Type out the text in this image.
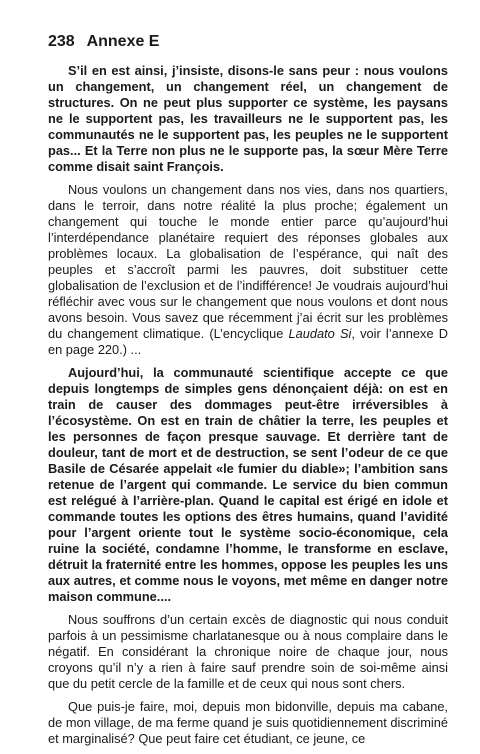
238 Annexe E

S’il en est ainsi, j’insiste, disons-le sans peur : nous voulons un changement, un changement réel, un changement de structures. On ne peut plus supporter ce système, les paysans ne le supportent pas, les travailleurs ne le supportent pas, les communautés ne le supportent pas, les peuples ne le supportent pas... Et la Terre non plus ne le supporte pas, la sœur Mère Terre comme disait saint François.

Nous voulons un changement dans nos vies, dans nos quartiers, dans le terroir, dans notre réalité la plus proche; également un changement qui touche le monde entier parce qu’aujourd’hui l’interdépendance planétaire requiert des réponses globales aux problèmes locaux. La globalisation de l’espérance, qui naît des peuples et s’accroît parmi les pauvres, doit substituer cette globalisation de l’exclusion et de l’indifférence! Je voudrais aujourd’hui réfléchir avec vous sur le changement que nous voulons et dont nous avons besoin. Vous savez que récemment j’ai écrit sur les problèmes du changement climatique. (L’encyclique Laudato Si, voir l’annexe D en page 220.) ...

Aujourd’hui, la communauté scientifique accepte ce que depuis longtemps de simples gens dénonçaient déjà: on est en train de causer des dommages peut-être irréversibles à l’écosystème. On est en train de châtier la terre, les peuples et les personnes de façon presque sauvage. Et derrière tant de douleur, tant de mort et de destruction, se sent l’odeur de ce que Basile de Césarée appelait «le fumier du diable»; l’ambition sans retenue de l’argent qui commande. Le service du bien commun est relégué à l’arrière-plan. Quand le capital est érigé en idole et commande toutes les options des êtres humains, quand l’avidité pour l’argent oriente tout le système socio-économique, cela ruine la société, condamne l’homme, le transforme en esclave, détruit la fraternité entre les hommes, oppose les peuples les uns aux autres, et comme nous le voyons, met même en danger notre maison commune....

Nous souffrons d’un certain excès de diagnostic qui nous conduit parfois à un pessimisme charlatanesque ou à nous complaire dans le négatif. En considérant la chronique noire de chaque jour, nous croyons qu’il n’y a rien à faire sauf prendre soin de soi-même ainsi que du petit cercle de la famille et de ceux qui nous sont chers.

Que puis-je faire, moi, depuis mon bidonville, depuis ma cabane, de mon village, de ma ferme quand je suis quotidiennement discriminé et marginalisé? Que peut faire cet étudiant, ce jeune, ce
